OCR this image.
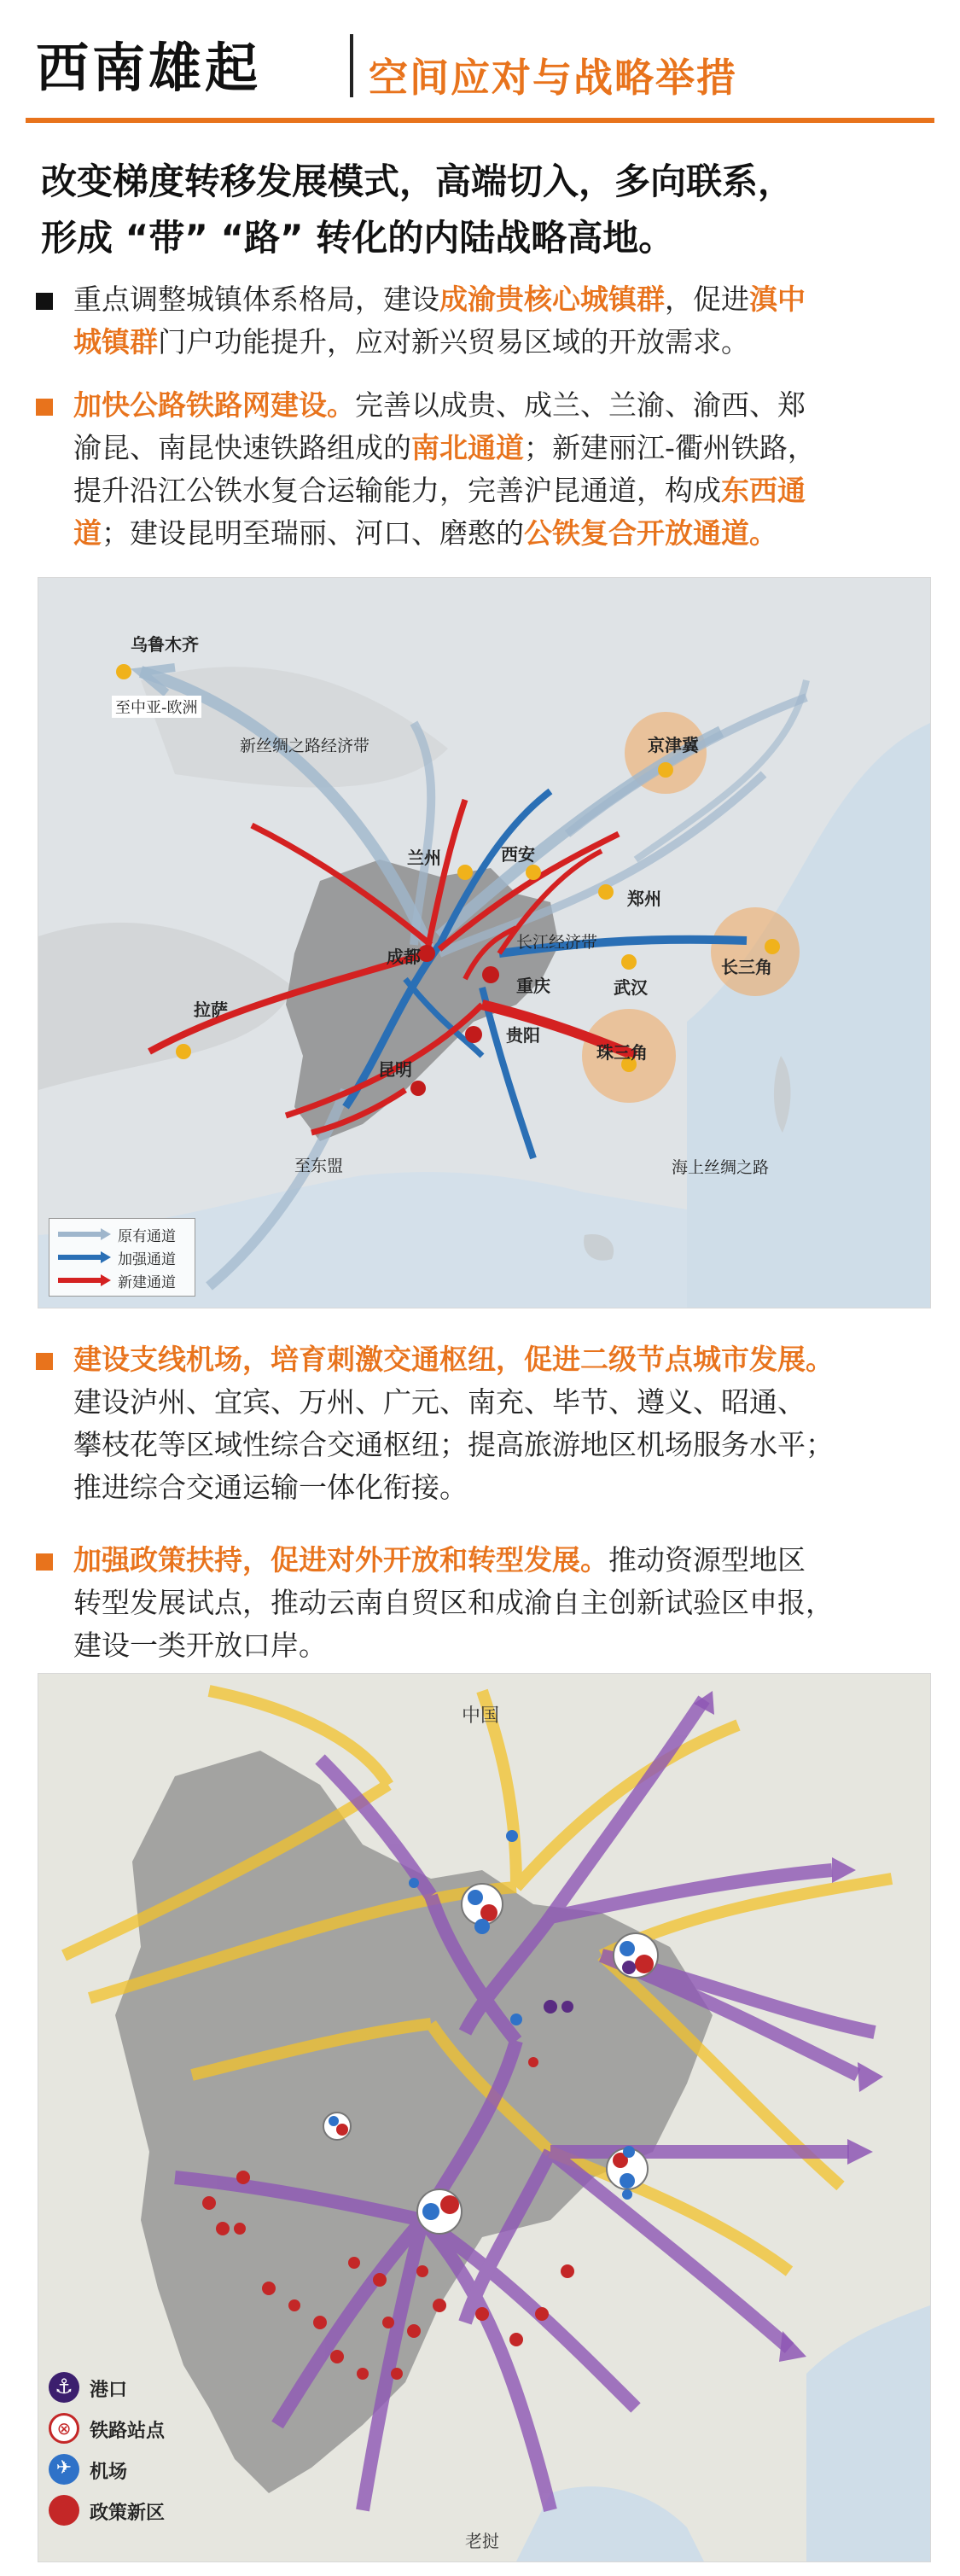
西南雄起	空间应对与战略举措
改变梯度转移发展模式，高端切入，多向联系，
形成 “带” “路” 转化的内陆战略高地。
重点调整城镇体系格局，建设成渝贵核心城镇群，促进滇中
城镇群门户功能提升，应对新兴贸易区域的开放需求。
加快公路铁路网建设。完善以成贵、成兰、兰渝、渝西、郑
渝昆、南昆快速铁路组成的南北通道；新建丽江-衢州铁路，
提升沿江公铁水复合运输能力，完善沪昆通道，构成东西通
道；建设昆明至瑞丽、河口、磨憨的公铁复合开放通道。
乌鲁木齐
至中亚-欧洲
新丝绸之路经济带	京津冀
兰州	西安
郑州
长江经济带
拉萨
成都
重庆	武汉
长三角
贵阳
昆明
珠三角
至东盟	海上丝绸之路
原有通道
加强通道
新建通道
建设支线机场，培育刺激交通枢纽，促进二级节点城市发展。
建设泸州、宜宾、万州、广元、南充、毕节、遵义、昭通、
攀枝花等区域性综合交通枢纽；提高旅游地区机场服务水平；
推进综合交通运输一体化衔接。
加强政策扶持，促进对外开放和转型发展。推动资源型地区
转型发展试点，推动云南自贸区和成渝自主创新试验区申报，
建设一类开放口岸。
中国
老挝
⚓ 港口
⊗ 铁路站点
✈ 机场
政策新区
